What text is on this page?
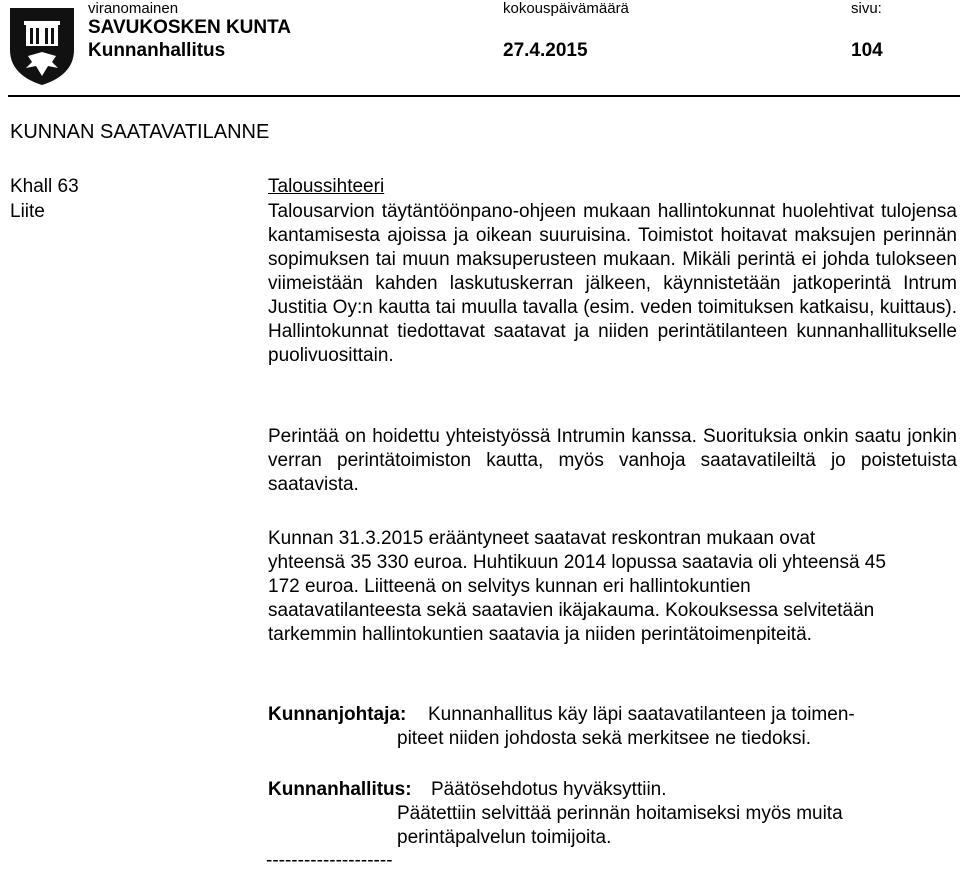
viranomainen	kokouspäivämäärä	sivu:
SAVUKOSKEN KUNTA
Kunnanhallitus	27.4.2015	104
KUNNAN SAATAVATILANNE
Khall 63
Liite
Taloussihteeri
Talousarvion täytäntöönpano-ohjeen mukaan hallintokunnat huolehtivat tulojensa kantamisesta ajoissa ja oikean suuruisina. Toimistot hoitavat maksujen perinnän sopimuksen tai muun maksuperusteen mukaan. Mikäli perintä ei johda tulokseen viimeistään kahden laskutuskerran jälkeen, käynnistetään jatkoperintä Intrum Justitia Oy:n kautta tai muulla tavalla (esim. veden toimituksen katkaisu, kuittaus). Hallintokunnat tiedottavat saatavat ja niiden perintätilanteen kunnanhallitukselle puolivuosittain.
Perintää on hoidettu yhteistyössä Intrumin kanssa. Suorituksia onkin saatu jonkin verran perintätoimiston kautta, myös vanhoja saatavatileiltä jo poistetuista saatavista.
Kunnan 31.3.2015 erääntyneet saatavat reskontran mukaan ovat yhteensä 35 330 euroa. Huhtikuun 2014 lopussa saatavia oli yhteensä 45 172 euroa. Liitteenä on selvitys kunnan eri hallintokuntien saatavatilanteesta sekä saatavien ikäjakauma. Kokouksessa selvitetään tarkemmin hallintokuntien saatavia ja niiden perintätoimenpiteitä.
Kunnanjohtaja: Kunnanhallitus käy läpi saatavatilanteen ja toimen-
piteet niiden johdosta sekä merkitsee ne tiedoksi.
Kunnanhallitus: Päätösehdotus hyväksyttiin.
Päätettiin selvittää perinnän hoitamiseksi myös muita
perintäpalvelun toimijoita.
--------------------
